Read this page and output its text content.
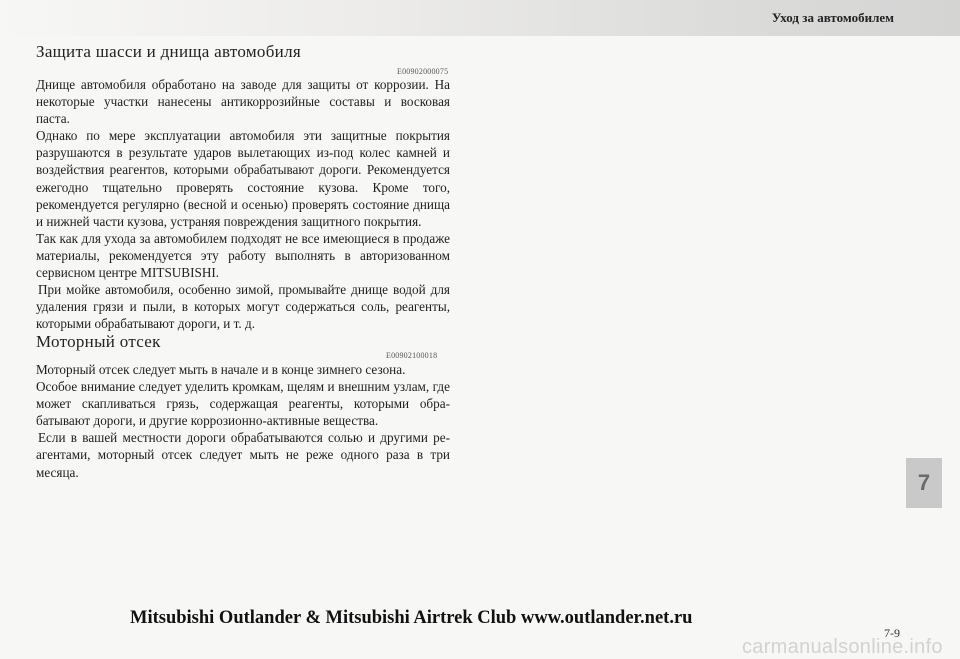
Уход за автомобилем
Защита шасси и днища автомобиля
E00902000075

Днище автомобиля обработано на заводе для защиты от коррозии. На некоторые участки нанесены антикоррозийные составы и восковая паста.

Однако по мере эксплуатации автомобиля эти защитные покрытия разрушаются в результате ударов вылетающих из-под колес камней и воздействия реагентов, которыми обрабатывают дороги. Рекомендуется ежегодно тщательно проверять состояние кузова. Кроме того, рекомендуется регулярно (весной и осенью) проверять состояние днища и нижней части кузова, устраняя повреждения защитного покрытия.

Так как для ухода за автомобилем подходят не все имеющиеся в продаже материалы, рекомендуется эту работу выполнять в авторизованном сервисном центре MITSUBISHI.

При мойке автомобиля, особенно зимой, промывайте днище водой для удаления грязи и пыли, в которых могут содержаться соль, реагенты, которыми обрабатывают дороги, и т. д.

Моторный отсек
E00902100018

Моторный отсек следует мыть в начале и в конце зимнего сезона.

Особое внимание следует уделить кромкам, щелям и внешним узлам, где может скапливаться грязь, содержащая реагенты, которыми обрабатывают дороги, и другие коррозионно-активные вещества.

Если в вашей местности дороги обрабатываются солью и другими реагентами, моторный отсек следует мыть не реже одного раза в три месяца.	7
Mitsubishi Outlander & Mitsubishi Airtrek Club www.outlander.net.ru
7-9
carmanualsonline.info
